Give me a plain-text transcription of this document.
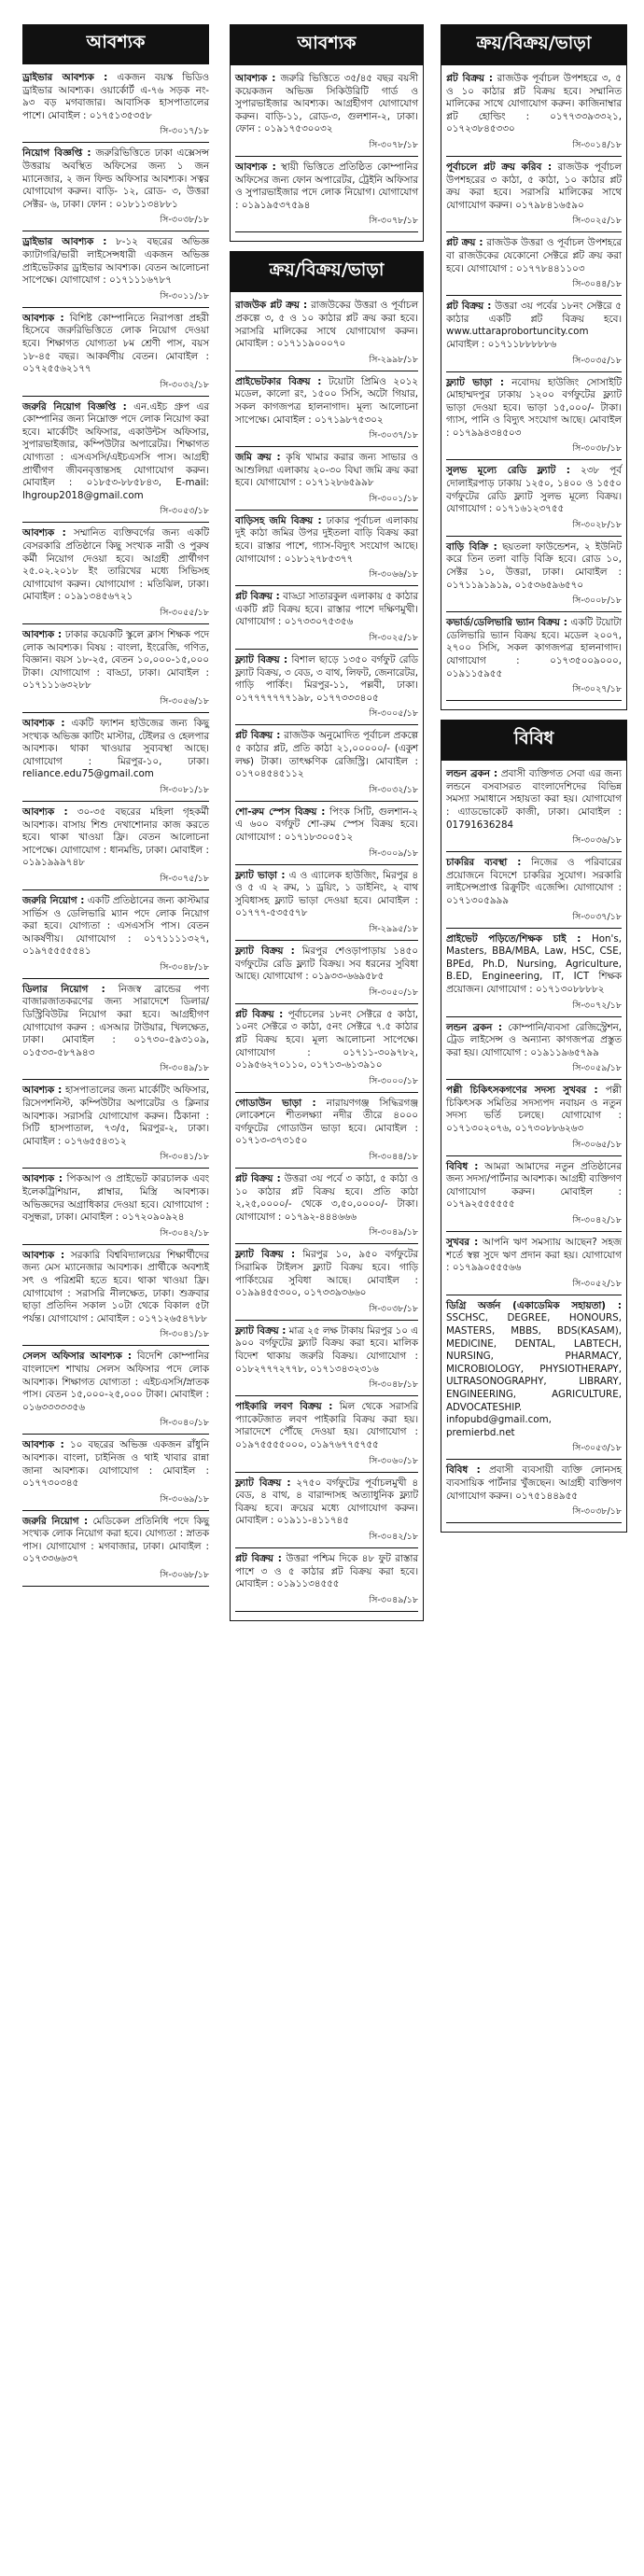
আবশ্যক

ড্রাইভার আবশ্যক : একজন বয়স্ক ভিডিও ড্রাইভার আবশ্যক। ওয়ার্কোর্ট এ-৭৬ সড়ক নং- ৯৩ বড় মগবাজার। আবাসিক হাসপাতালের পাশে। মোবাইল : ০১৭৫১৩৫৩৫৮

সি-৩০১৭/১৮

নিয়োগ বিজ্ঞপ্তি : জরুরিভিত্তিতে ঢাকা এক্সেসন্স উত্তরায় অবস্থিত অফিসের জন্য ১ জন ম্যানেজার, ২ জন ফিল্ড অফিসার আবশ্যক। সত্বর যোগাযোগ করুন। বাড়ি- ১২, রোড- ৩, উত্তরা সেক্টর- ৬, ঢাকা। ফোন : ০১৮১১৩৪৮৮১

সি-৩০৩৮/১৮

ড্রাইভার আবশ্যক : ৮-১২ বছরের অভিজ্ঞ ক্যাটাগরি/ভারী লাইসেন্সধারী একজন অভিজ্ঞ প্রাইভেটকার ড্রাইভার আবশ্যক। বেতন আলোচনা সাপেক্ষে। যোগাযোগ : ০১৭১১১৬৭৮৭

সি-৩০১১/১৮

আবশ্যক : বিশিষ্ট কোম্পানিতে নিরাপত্তা প্রহরী হিসেবে জরুরিভিত্তিতে লোক নিয়োগ দেওয়া হবে। শিক্ষাগত যোগ্যতা ৮ম শ্রেণী পাস, বয়স ১৮-৪৫ বছর। আকর্ষণীয় বেতন। মোবাইল : ০১৭২৫৫৬২১৭৭

সি-৩০৩২/১৮

জরুরি নিয়োগ বিজ্ঞপ্তি : এন.এইচ গ্রুপ এর কোম্পানির জন্য নিম্নোক্ত পদে লোক নিয়োগ করা হবে। মার্কেটিং অফিসার, একাউন্টস অফিসার, সুপারভাইজার, কম্পিউটার অপারেটর। শিক্ষাগত যোগ্যতা : এসএসসি/এইচএসসি পাস। আগ্রহী প্রার্থীগণ জীবনবৃত্তান্তসহ যোগাযোগ করুন। মোবাইল : ০১৮৫৩-৮৮৫৮৪৩, E-mail: lhgroup2018@gmail.com

সি-৩০৫৩/১৮

আবশ্যক : সম্মানিত ব্যক্তিবর্গের জন্য একটি বেসরকারি প্রতিষ্ঠানে কিছু সংখ্যক নারী ও পুরুষ কর্মী নিয়োগ দেওয়া হবে। আগ্রহী প্রার্থীগণ ২৫.০২.২০১৮ ইং তারিখের মধ্যে সিভিসহ যোগাযোগ করুন। যোগাযোগ : মতিঝিল, ঢাকা। মোবাইল : ০১৯১৩৪৫৬৭২১

সি-৩০৫৫/১৮

আবশ্যক : ঢাকার কয়েকটি স্কুলে ক্লাস শিক্ষক পদে লোক আবশ্যক। বিষয় : বাংলা, ইংরেজি, গণিত, বিজ্ঞান। বয়স ১৮-২৫, বেতন ১০,০০০-১৫,০০০ টাকা। যোগাযোগ : বাড্ডা, ঢাকা। মোবাইল : ০১৭১১১৬৩২৮৮

সি-৩০৫৬/১৮

আবশ্যক : একটি ফ্যাশন হাউজের জন্য কিছু সংখ্যক অভিজ্ঞ কাটিং মাস্টার, টেইলর ও হেলপার আবশ্যক। থাকা খাওয়ার সুব্যবস্থা আছে। যোগাযোগ : মিরপুর-১০, ঢাকা। reliance.edu75@gmail.com

সি-৩০৮১/১৮

আবশ্যক : ৩০-৩৫ বছরের মহিলা গৃহকর্মী আবশ্যক। বাসায় শিশু দেখাশোনার কাজ করতে হবে। থাকা খাওয়া ফ্রি। বেতন আলোচনা সাপেক্ষে। যোগাযোগ : ধানমন্ডি, ঢাকা। মোবাইল : ০১৯১৯৯৯৭৪৮

সি-৩০৭৫/১৮

জরুরি নিয়োগ : একটি প্রতিষ্ঠানের জন্য কাস্টমার সার্ভিস ও ডেলিভারি ম্যান পদে লোক নিয়োগ করা হবে। যোগ্যতা : এসএসসি পাস। বেতন আকর্ষণীয়। যোগাযোগ : ০১৭১১১১৩২৭, ০১৯৭৫৫৫৫৫৪১

সি-৩০৪৮/১৮

ডিলার নিয়োগ : নিজস্ব ব্রান্ডের পণ্য বাজারজাতকরণের জন্য সারাদেশে ডিলার/ডিস্ট্রিবিউটর নিয়োগ করা হবে। আগ্রহীগণ যোগাযোগ করুন : এসআর টাউয়ার, খিলক্ষেত, ঢাকা। মোবাইল : ০১৭৩০-৫৯৩১০৯, ০১৫৩৩-৫৮৭৯৪৩

সি-৩০৪৯/১৮

আবশ্যক : হাসপাতালের জন্য মার্কেটিং অফিসার, রিসেপশনিস্ট, কম্পিউটার অপারেটর ও ক্লিনার আবশ্যক। সরাসরি যোগাযোগ করুন। ঠিকানা : সিটি হাসপাতাল, ৭৩/৫, মিরপুর-২, ঢাকা। মোবাইল : ০১৭৬৫৫৪৩১২

সি-৩০৪১/১৮

আবশ্যক : পিকআপ ও প্রাইভেট কারচালক এবং ইলেকট্রিশিয়ান, প্লাম্বার, মিস্ত্রি আবশ্যক। অভিজ্ঞদের অগ্রাধিকার দেওয়া হবে। যোগাযোগ : বসুন্ধরা, ঢাকা। মোবাইল : ০১৭২০৯০৯২৪

সি-৩০৪২/১৮

আবশ্যক : সরকারি বিশ্ববিদ্যালয়ের শিক্ষার্থীদের জন্য মেস ম্যানেজার আবশ্যক। প্রার্থীকে অবশ্যই সৎ ও পরিশ্রমী হতে হবে। থাকা খাওয়া ফ্রি। যোগাযোগ : সরাসরি নীলক্ষেত, ঢাকা। শুক্রবার ছাড়া প্রতিদিন সকাল ১০টা থেকে বিকাল ৫টা পর্যন্ত। যোগাযোগ : মোবাইল : ০১৭১২৬৫৪৭৮৮

সি-৩০৪১/১৮

সেলস অফিসার আবশ্যক : বিদেশি কোম্পানির বাংলাদেশ শাখায় সেলস অফিসার পদে লোক আবশ্যক। শিক্ষাগত যোগ্যতা : এইচএসসি/স্নাতক পাস। বেতন ১৫,০০০-২৫,০০০ টাকা। মোবাইল : ০১৬৩৩৩৩৩৫৬

সি-৩০৪০/১৮

আবশ্যক : ১০ বছরের অভিজ্ঞ একজন রাঁধুনি আবশ্যক। বাংলা, চাইনিজ ও থাই খাবার রান্না জানা আবশ্যক। যোগাযোগ : মোবাইল : ০১৭৭৩০৩৪৫

সি-৩০৬৯/১৮

জরুরি নিয়োগ : মেডিকেল প্রতিনিধি পদে কিছু সংখ্যক লোক নিয়োগ করা হবে। যোগ্যতা : স্নাতক পাস। যোগাযোগ : মগবাজার, ঢাকা। মোবাইল : ০১৭৩৩৬৬৩৭

সি-৩০৬৮/১৮
আবশ্যক

আবশ্যক : জরুরি ভিত্তিতে ৩৫/৪৫ বছর বয়সী কয়েকজন অভিজ্ঞ সিকিউরিটি গার্ড ও সুপারভাইজার আবশ্যক। আগ্রহীগণ যোগাযোগ করুন। বাড়ি-১১, রোড-৩, গুলশান-২, ঢাকা। ফোন : ০১৯১৭৫৩০০৩২

সি-৩০৭৮/১৮

আবশ্যক : স্থায়ী ভিত্তিতে প্রতিষ্ঠিত কোম্পানির অফিসের জন্য ফোন অপারেটর, ট্রেইনি অফিসার ও সুপারভাইজার পদে লোক নিয়োগ। যোগাযোগ : ০১৯১৯৫৩৭৫৯৪

সি-৩০৭৮/১৮
ক্রয়/বিক্রয়/ভাড়া

রাজউক প্লট ক্রয় : রাজউকের উত্তরা ও পূর্বাচল প্রকল্পে ৩, ৫ ও ১০ কাঠার প্লট ক্রয় করা হবে। সরাসরি মালিকের সাথে যোগাযোগ করুন। মোবাইল : ০১৭১১৯০০০৭০

সি-২৯৯৮/১৮

প্রাইভেটকার বিক্রয় : টয়োটা প্রিমিও ২০১২ মডেল, কালো রং, ১৫০০ সিসি, অটো গিয়ার, সকল কাগজপত্র হালনাগাদ। মূল্য আলোচনা সাপেক্ষে। মোবাইল : ০১৭১৯৮৭৫৩০২

সি-৩০৩৭/১৮

জমি ক্রয় : কৃষি খামার করার জন্য সাভার ও আশুলিয়া এলাকায় ২০-৩০ বিঘা জমি ক্রয় করা হবে। যোগাযোগ : ০১৭১২৮৬৫৯৯৮

সি-৩০০১/১৮

বাড়িসহ জমি বিক্রয় : ঢাকার পূর্বাচল এলাকায় দুই কাঠা জমির উপর দুইতলা বাড়ি বিক্রয় করা হবে। রাস্তার পাশে, গ্যাস-বিদ্যুৎ সংযোগ আছে। যোগাযোগ : ০১৮১২৭৮৫৩৭৭

সি-৩০৬৬/১৮

প্লট বিক্রয় : বাড্ডা সাতারকুল এলাকায় ৫ কাঠার একটি প্লট বিক্রয় হবে। রাস্তার পাশে দক্ষিণমুখী। যোগাযোগ : ০১৭৩৩০৭৫৩৫৬

সি-৩০২৫/১৮

ফ্ল্যাট বিক্রয় : বিশাল ছাড়ে ১৩৫০ বর্গফুট রেডি ফ্ল্যাট বিক্রয়, ৩ বেড, ৩ বাথ, লিফট, জেনারেটর, গাড়ি পার্কিং। মিরপুর-১১, পল্লবী, ঢাকা। ০১৭৭৭৭৭৭৭১৯৮, ০১৭৭৩৩৩৪০৫

সি-৩০০৫/১৮

প্লট বিক্রয় : রাজউক অনুমোদিত পূর্বাচল প্রকল্পে ৫ কাঠার প্লট, প্রতি কাঠা ২১,০০০০০/- (একুশ লক্ষ) টাকা। তাৎক্ষণিক রেজিস্ট্রি। মোবাইল : ০১৭০৪৫৪৫১১২

সি-৩০৩২/১৮

শো-রুম স্পেস বিক্রয় : পিংক সিটি, গুলশান-২ এ ৬০০ বর্গফুট শো-রুম স্পেস বিক্রয় হবে। যোগাযোগ : ০১৭১৮৩০০৫১২

সি-৩০০৯/১৮

ফ্ল্যাট ভাড়া : এ ও এ্যালেক হাউজিং, মিরপুর ৪ ও ৫ এ ২ রুম, ১ ড্রয়িং, ১ ডাইনিং, ২ বাথ সুবিধাসহ ফ্ল্যাট ভাড়া দেওয়া হবে। মোবাইল : ০১৭৭৭-৫৩৫৫৭৮

সি-২৯৯৫/১৮

ফ্ল্যাট বিক্রয় : মিরপুর শেওড়াপাড়ায় ১৪৫০ বর্গফুটের রেডি ফ্ল্যাট বিক্রয়। সব ধরনের সুবিধা আছে। যোগাযোগ : ০১৯৩৩-৬৬৯৫৮৫

সি-৩০৫০/১৮

প্লট বিক্রয় : পূর্বাচলের ১৮নং সেক্টরে ৫ কাঠা, ১০নং সেক্টরে ৩ কাঠা, ৫নং সেক্টরে ৭.৫ কাঠার প্লট বিক্রয় হবে। মূল্য আলোচনা সাপেক্ষে। যোগাযোগ : ০১৭১১-৩০৯৭৮২, ০১৯৫৬২৭০১১০, ০১৭১৩-৬১৩৯১০

সি-৩০০০/১৮

গোডাউন ভাড়া : নারায়ণগঞ্জ সিদ্ধিরগঞ্জ লোকেশনে শীতলক্ষ্যা নদীর তীরে ৪০০০ বর্গফুটের গোডাউন ভাড়া হবে। মোবাইল : ০১৭১৩-৩৭৩১৫০

সি-৩০৪৪/১৮

প্লট বিক্রয় : উত্তরা ৩য় পর্বে ৩ কাঠা, ৫ কাঠা ও ১০ কাঠার প্লট বিক্রয় হবে। প্রতি কাঠা ২,২৫,০০০০/- থেকে ৩,৫০,০০০০/- টাকা। যোগাযোগ : ০১৭৯২-৪৪৪৬৬৬

সি-৩০৪৯/১৮

ফ্ল্যাট বিক্রয় : মিরপুর ১০, ৯৫০ বর্গফুটের সিরামিক টাইলস ফ্ল্যাট বিক্রয় হবে। গাড়ি পার্কিংয়ের সুবিধা আছে। মোবাইল : ০১৯৯৪৫৫৩০০, ০১৭৩৩৯৩৬৬০

সি-৩০৩৮/১৮

ফ্ল্যাট বিক্রয় : মাত্র ২৫ লক্ষ টাকায় মিরপুর ১০ এ ৯০০ বর্গফুটের ফ্ল্যাট বিক্রয় করা হবে। মালিক বিদেশ থাকায় জরুরি বিক্রয়। যোগাযোগ : ০১৮২৭৭৭২৭৭৮, ০১৭১৩৪৩২৩১৬

সি-৩০৪৮/১৮

পাইকারি লবণ বিক্রয় : মিল থেকে সরাসরি প্যাকেটজাত লবণ পাইকারি বিক্রয় করা হয়। সারাদেশে পৌঁছে দেওয়া হয়। যোগাযোগ : ০১৯৭৫৫৫৫০০০, ০১৯৭৬৭৭৫৭৫৫

সি-৩০৬০/১৮

ফ্ল্যাট বিক্রয় : ২৭৫০ বর্গফুটের পূর্বাচলমুখী ৪ বেড, ৪ বাথ, ৪ বারান্দাসহ অত্যাধুনিক ফ্ল্যাট বিক্রয় হবে। ক্রয়ের মধ্যে যোগাযোগ করুন। মোবাইল : ০১৯১১-৪১১৭৪৫

সি-৩০৪২/১৮

প্লট বিক্রয় : উত্তরা পশ্চিম দিকে ৪৮ ফুট রাস্তার পাশে ৩ ও ৫ কাঠার প্লট বিক্রয় করা হবে। মোবাইল : ০১৯১১৩৪৫৫৫

সি-৩০৪৯/১৮
ক্রয়/বিক্রয়/ভাড়া

প্লট বিক্রয় : রাজউক পূর্বাচল উপশহরে ৩, ৫ ও ১০ কাঠার প্লট বিক্রয় হবে। সম্মানিত মালিকের সাথে যোগাযোগ করুন। কাজিনাম্বার প্লট হোল্ডিং : ০১৭৭৩৩৯৩৩২১, ০১৭২৩৮৪৫৩৩০

সি-৩০১৪/১৮

পূর্বাচলে প্লট ক্রয় করিব : রাজউক পূর্বাচল উপশহরের ৩ কাঠা, ৫ কাঠা, ১০ কাঠার প্লট ক্রয় করা হবে। সরাসরি মালিকের সাথে যোগাযোগ করুন। ০১৭৯৮৪১৬৫৯০

সি-৩০২৫/১৮

প্লট ক্রয় : রাজউক উত্তরা ও পূর্বাচল উপশহরে বা রাজউকের যেকোনো সেক্টরে প্লট ক্রয় করা হবে। যোগাযোগ : ০১৭৭৮৪৪১১০৩

সি-৩০৪৪/১৮

প্লট বিক্রয় : উত্তরা ৩য় পর্বের ১৮নং সেক্টরে ৫ কাঠার একটি প্লট বিক্রয় হবে। www.uttaraprobortuncity.com মোবাইল : ০১৭১১৮৮৮৮৮৬

সি-৩০৩৫/১৮

ফ্ল্যাট ভাড়া : নবোদয় হাউজিং সোসাইটি মোহাম্মদপুর ঢাকায় ১২০০ বর্গফুটের ফ্ল্যাট ভাড়া দেওয়া হবে। ভাড়া ১৫,০০০/- টাকা। গ্যাস, পানি ও বিদ্যুৎ সংযোগ আছে। মোবাইল : ০১৭৯৯৪৩৪৫০৩

সি-৩০৩৮/১৮

সুলভ মূল্যে রেডি ফ্ল্যাট : ২৩৮ পূর্ব দোলাইরপাড় ঢাকায় ১২৫০, ১৪০০ ও ১৫৫০ বর্গফুটের রেডি ফ্ল্যাট সুলভ মূল্যে বিক্রয়। যোগাযোগ : ০১৭১৬১২৩৭৫৫

সি-৩০২৮/১৮

বাড়ি বিক্রি : ছয়তলা ফাউন্ডেশন, ২ ইউনিট করে তিন তলা বাড়ি বিক্রি হবে। রোড ১০, সেক্টর ১০, উত্তরা, ঢাকা। মোবাইল : ০১৭১১৯১৯১৯, ০১৫৩৬৫৯৬৫৭০

সি-৩০০৮/১৮

কভার্ড/ডেলিভারি ভ্যান বিক্রয় : একটি টয়োটা ডেলিভারি ভ্যান বিক্রয় হবে। মডেল ২০০৭, ২৭০০ সিসি, সকল কাগজপত্র হালনাগাদ। যোগাযোগ : ০১৭৩৫০০৯০০০, ০১৯১১৫৯৫৫

সি-৩০২৭/১৮
বিবিধ

লন্ডন ব্রকন : প্রবাসী ব্যক্তিগত সেবা এর জন্য লন্ডনে বসবাসরত বাংলাদেশিদের বিভিন্ন সমস্যা সমাধানে সহায়তা করা হয়। যোগাযোগ : এ্যাডভোকেট কাজী, ঢাকা। মোবাইল : 01791636284

সি-৩০৩৬/১৮

চাকরির ব্যবস্থা : নিজের ও পরিবারের প্রয়োজনে বিদেশে চাকরির সুযোগ। সরকারি লাইসেন্সপ্রাপ্ত রিক্রুটিং এজেন্সি। যোগাযোগ : ০১৭১৩০৫৯৯৯

সি-৩০৩৭/১৮

প্রাইভেট পড়িতে/শিক্ষক চাই : Hon's, Masters, BBA/MBA, Law, HSC, CSE, BPEd, Ph.D, Nursing, Agriculture, B.ED, Engineering, IT, ICT শিক্ষক প্রয়োজন। যোগাযোগ : ০১৭১৩০৮৮৮৮২

সি-৩০৭২/১৮

লন্ডন ব্রকন : কোম্পানি/ব্যবসা রেজিস্ট্রেশন, ট্রেড লাইসেন্স ও অন্যান্য কাগজপত্র প্রস্তুত করা হয়। যোগাযোগ : ০১৯১১৯৬৫৭৯৯

সি-৩০৫৯/১৮

পল্লী চিকিৎসকগণের সদস্য সুখবর : পল্লী চিকিৎসক সমিতির সদস্যপদ নবায়ন ও নতুন সদস্য ভর্তি চলছে। যোগাযোগ : ০১৭১৩০২০৭৬, ০১৭৩০৮৮৬২৬৩

সি-৩০৬৫/১৮

বিবিধ : আমরা আমাদের নতুন প্রতিষ্ঠানের জন্য সদস্য/পার্টনার আবশ্যক। আগ্রহী ব্যক্তিগণ যোগাযোগ করুন। মোবাইল : ০১৭৯২৫৫৫৫৫৫

সি-৩০৪২/১৮

সুখবর : আপনি ঋণ সমস্যায় আছেন? সহজ শর্তে স্বল্প সুদে ঋণ প্রদান করা হয়। যোগাযোগ : ০১৭৯৯০৫৫৫৬৬

সি-৩০৫২/১৮

ডিগ্রি অর্জন (একাডেমিক সহায়তা) : SSCHSC, DEGREE, HONOURS, MASTERS, MBBS, BDS(KASAM), MEDICINE, DENTAL, LABTECH, NURSING, PHARMACY, MICROBIOLOGY, PHYSIOTHERAPY, ULTRASONOGRAPHY, LIBRARY, ENGINEERING, AGRICULTURE, ADVOCATESHIP. infopubd@gmail.com, premierbd.net

সি-৩০৫৩/১৮

বিবিধ : প্রবাসী ব্যবসায়ী ব্যক্তি লোনসহ ব্যবসায়িক পার্টনার খুঁজছেন। আগ্রহী ব্যক্তিগণ যোগাযোগ করুন। ০১৭৫১৪৪৯৫৫

সি-৩০৩৮/১৮
